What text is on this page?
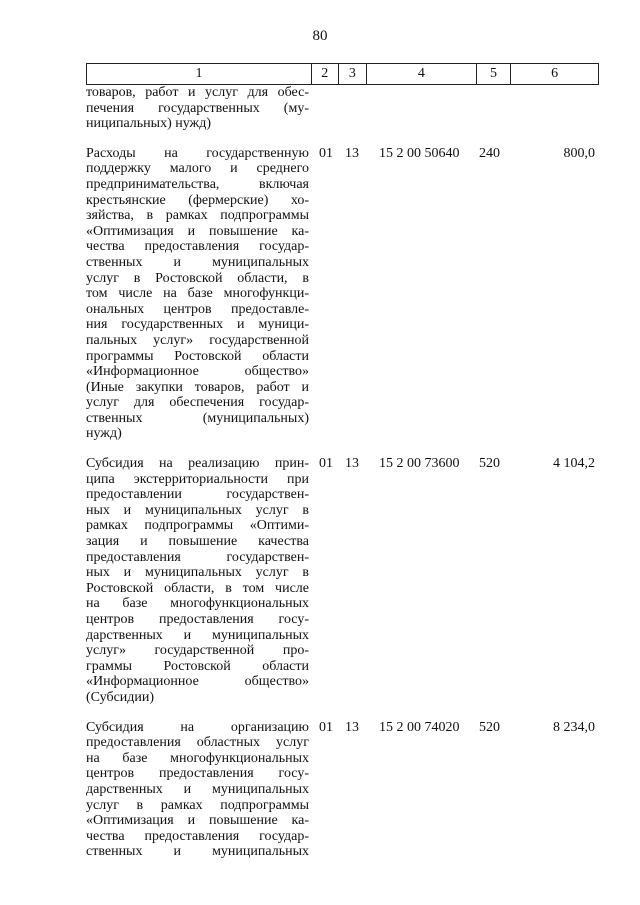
80
1	2	3	4	5	6
товаров, работ и услуг для обес-
печения государственных (му-
ниципальных) нужд)
Расходы на государственную
поддержку малого и среднего
предпринимательства, включая
крестьянские (фермерские) хо-
зяйства, в рамках подпрограммы
«Оптимизация и повышение ка-
чества предоставления государ-
ственных и муниципальных
услуг в Ростовской области, в
том числе на базе многофункци-
ональных центров предоставле-
ния государственных и муници-
пальных услуг» государственной
программы Ростовской области
«Информационное общество»
(Иные закупки товаров, работ и
услуг для обеспечения государ-
ственных (муниципальных)
нужд)
01 13	15 2 00 50640	240	800,0
Субсидия на реализацию прин-
ципа экстерриториальности при
предоставлении государствен-
ных и муниципальных услуг в
рамках подпрограммы «Оптими-
зация и повышение качества
предоставления государствен-
ных и муниципальных услуг в
Ростовской области, в том числе
на базе многофункциональных
центров предоставления госу-
дарственных и муниципальных
услуг» государственной про-
граммы Ростовской области
«Информационное общество»
(Субсидии)
01 13	15 2 00 73600	520	4 104,2
Субсидия на организацию
предоставления областных услуг
на базе многофункциональных
центров предоставления госу-
дарственных и муниципальных
услуг в рамках подпрограммы
«Оптимизация и повышение ка-
чества предоставления государ-
ственных и муниципальных
01 13	15 2 00 74020	520	8 234,0
